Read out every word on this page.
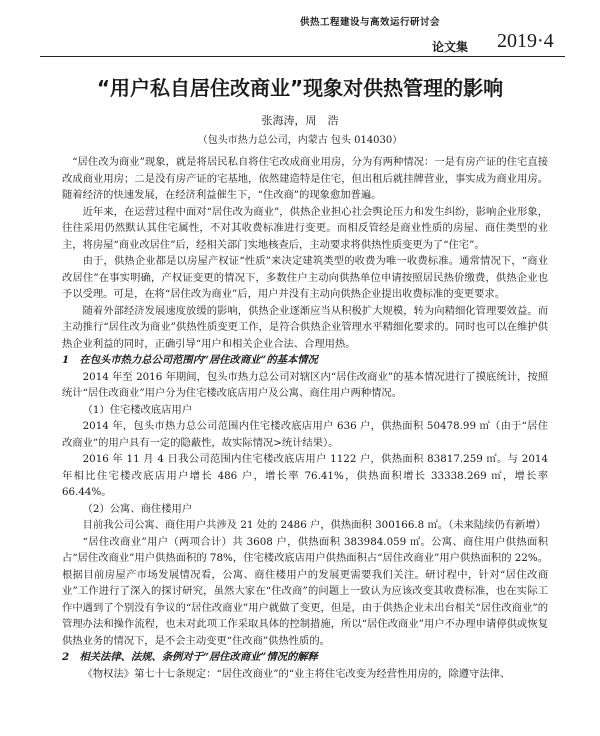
供热工程建设与高效运行研讨会
论文集 2019·4
“用户私自居住改商业”现象对供热管理的影响
张海涛，周　浩
（包头市热力总公司，内蒙古 包头 014030）

“居住改为商业”现象，就是将居民私自将住宅改成商业用房，分为有两种情况：一是有房产证的住宅直接改成商业用房；二是没有房产证的宅基地，依然建造特是住宅，但出租后就挂牌营业，事实成为商业用房。随着经济的快速发展，在经济利益催生下，“住改商”的现象愈加普遍。

近年来，在运营过程中面对“居住改为商业”，供热企业担心社会舆论压力和发生纠纷，影响企业形象，往往采用仍然默认其住宅属性，不对其收费标准进行变更。而相反管经是商业性质的房屋、商住类型的业主，将房屋“商业改居住”后，经相关部门实地核查后，主动要求将供热性质变更为了“住宅”。

由于，供热企业都是以房屋产权证“性质”来决定建筑类型的收费为唯一收费标准。通常情况下，“商业改居住”在事实明确，产权证变更的情况下，多数住户主动向供热单位申请按照居民热价缴费，供热企业也予以受理。可是，在将“居住改为商业”后，用户并没有主动向供热企业提出收费标准的变更要求。

随着外部经济发展速度放缓的影响，供热企业逐渐应当从积极扩大规模，转为向精细化管理要效益。而主动推行“居住改为商业”供热性质变更工作，是符合供热企业管理水平精细化要求的。同时也可以在维护供热企业利益的同时，正确引导“用户和相关企业合法、合理用热。

1　在包头市热力总公司范围内“居住改商业”的基本情况

2014 年至 2016 年期间，包头市热力总公司对辖区内“居住改商业”的基本情况进行了摸底统计，按照统计“居住改商业”用户分为住宅楼改底店用户及公寓、商住用户两种情况。

（1）住宅楼改底店用户

2014 年，包头市热力总公司范围内住宅楼改底店用户 636 户，供热面积 50478.99 ㎡（由于“居住改商业”的用户具有一定的隐蔽性，故实际情况>统计结果）。

2016 年 11 月 4 日我公司范围内住宅楼改底店用户 1122 户，供热面积 83817.259 ㎡。与 2014 年相比住宅楼改底店用户增长 486 户，增长率 76.41%，供热面积增长 33338.269 ㎡，增长率 66.44%。

（2）公寓、商住楼用户

目前我公司公寓、商住用户共涉及 21 处的 2486 户，供热面积 300166.8 ㎡。（未来陆续仍有新增）

“居住改商业”用户（两项合计）共 3608 户，供热面积 383984.059 ㎡。公寓、商住用户供热面积占“居住改商业”用户供热面积的 78%，住宅楼改底店用户供热面积占“居住改商业”用户供热面积的 22%。根据目前房屋产市场发展情况看，公寓、商住楼用户的发展更需要我们关注。研讨程中，针对“居住改商业”工作进行了深入的探讨研究，虽然大家在“住改商”的问题上一致认为应该改变其收费标准，也在实际工作中遇到了个别没有争议的“居住改商业”用户就做了变更，但是，由于供热企业未出台相关“居住改商业”的管理办法和操作流程，也未对此项工作采取具体的控制措施，所以“居住改商业”用户不办理申请停供或恢复供热业务的情况下，是不会主动变更“住改商”供热性质的。

2　相关法律、法规、条例对于“居住改商业”情况的解释

《物权法》第七十七条规定：“居住改商业”的“业主将住宅改变为经营性用房的，除遵守法律、
